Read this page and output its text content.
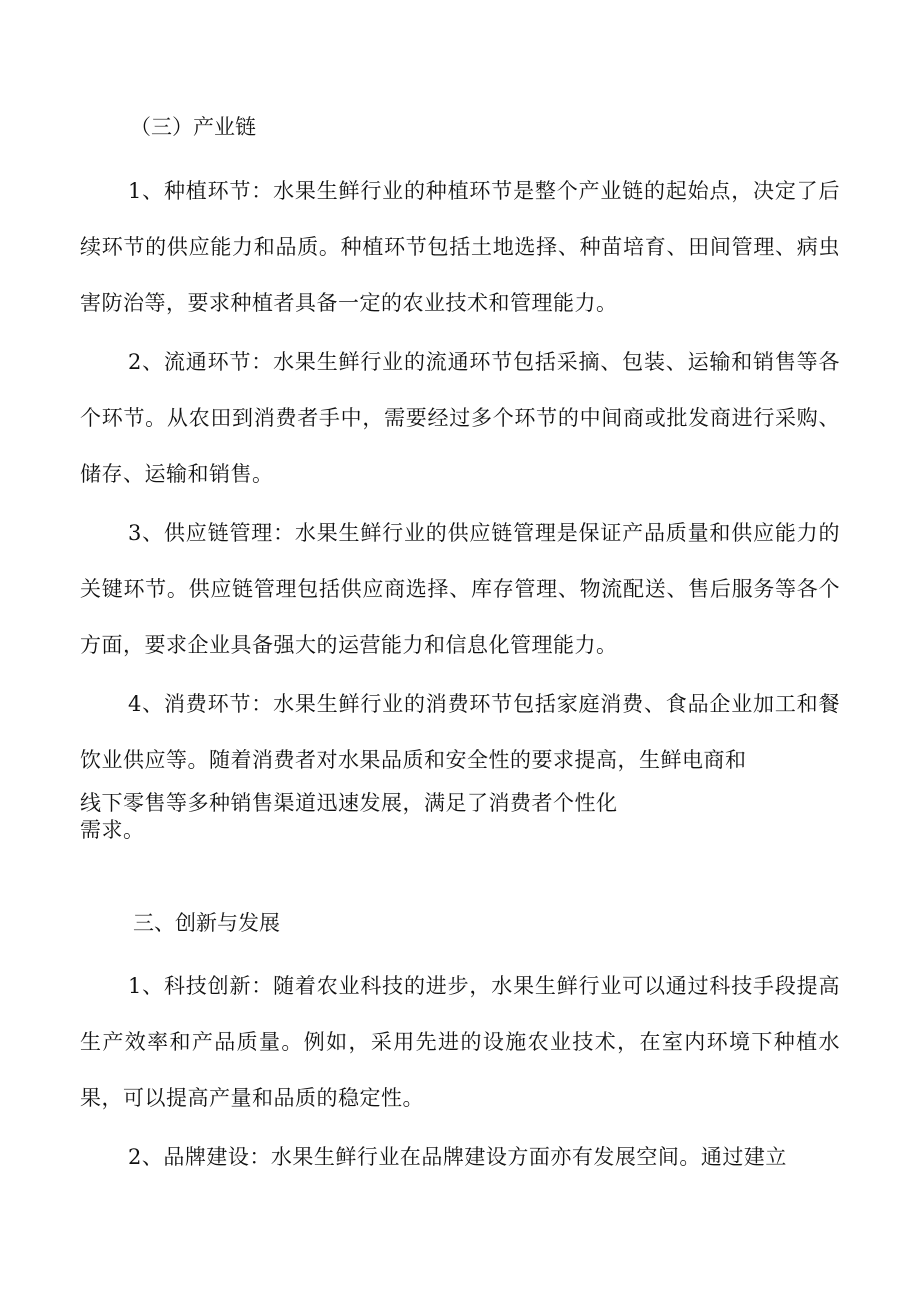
（三）产业链

1、种植环节：水果生鲜行业的种植环节是整个产业链的起始点，决定了后续环节的供应能力和品质。种植环节包括土地选择、种苗培育、田间管理、病虫害防治等，要求种植者具备一定的农业技术和管理能力。

2、流通环节：水果生鲜行业的流通环节包括采摘、包装、运输和销售等各个环节。从农田到消费者手中，需要经过多个环节的中间商或批发商进行采购、储存、运输和销售。

3、供应链管理：水果生鲜行业的供应链管理是保证产品质量和供应能力的关键环节。供应链管理包括供应商选择、库存管理、物流配送、售后服务等各个方面，要求企业具备强大的运营能力和信息化管理能力。

4、消费环节：水果生鲜行业的消费环节包括家庭消费、食品企业加工和餐饮业供应等。随着消费者对水果品质和安全性的要求提高，生鲜电商和

线下零售等多种销售渠道迅速发展，满足了消费者个性化
需求。
三、创新与发展

1、科技创新：随着农业科技的进步，水果生鲜行业可以通过科技手段提高生产效率和产品质量。例如，采用先进的设施农业技术，在室内环境下种植水果，可以提高产量和品质的稳定性。

2、品牌建设：水果生鲜行业在品牌建设方面亦有发展空间。通过建立
